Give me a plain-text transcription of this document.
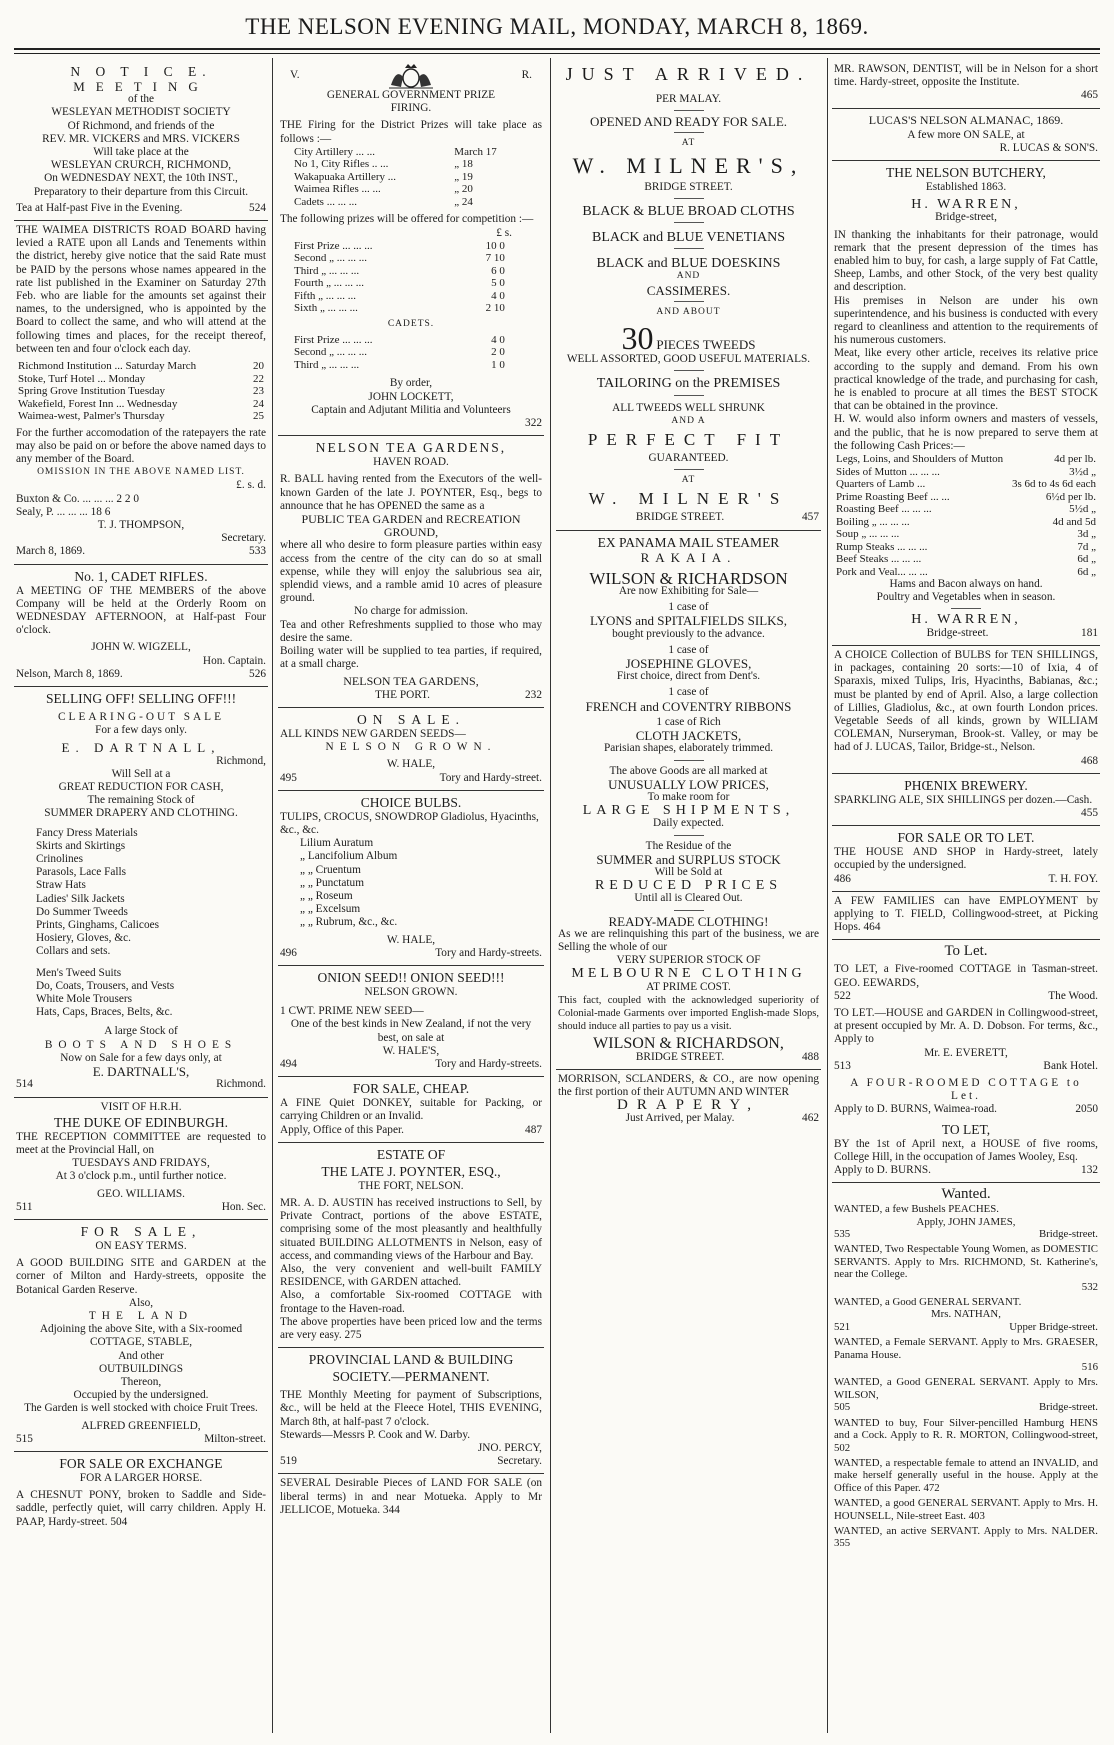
THE NELSON EVENING MAIL, MONDAY, MARCH 8, 1869.
N O T I C E.
MEETING
of the
WESLEYAN METHODIST SOCIETY
Of Richmond, and friends of the
REV. MR. VICKERS and MRS. VICKERS
Will take place at the
WESLEYAN CRURCH, RICHMOND,
On WEDNESDAY NEXT, the 10th INST.,
Preparatory to their departure from this Circuit.
Tea at Half-past Five in the Evening.	524
THE WAIMEA DISTRICTS ROAD BOARD having levied a RATE upon all Lands and Tenements within the district, hereby give notice that the said Rate must be PAID by the persons whose names appeared in the rate list published in the Examiner on Saturday 27th Feb. who are liable for the amounts set against their names, to the undersigned, who is appointed by the Board to collect the same, and who will attend at the following times and places, for the receipt thereof, between ten and four o'clock each day.
Richmond Institution ... Saturday March	20
Stoke, Turf Hotel ... Monday	22
Spring Grove Institution Tuesday	23
Wakefield, Forest Inn ... Wednesday	24
Waimea-west, Palmer's Thursday	25
For the further accomodation of the ratepayers the rate may also be paid on or before the above named days to any member of the Board.
OMISSION IN THE ABOVE NAMED LIST.
£. s. d.
Buxton & Co. ... ... ... 2 2 0
Sealy, P. ... ... ... 18 6
T. J. THOMPSON,
Secretary.
March 8, 1869.	533
No. 1, CADET RIFLES.
A MEETING OF THE MEMBERS of the above Company will be held at the Orderly Room on WEDNESDAY AFTERNOON, at Half-past Four o'clock.
JOHN W. WIGZELL,
Hon. Captain.
Nelson, March 8, 1869.	526
SELLING OFF! SELLING OFF!!!
CLEARING-OUT SALE
For a few days only.
E. DARTNALL,
Richmond,
Will Sell at a
GREAT REDUCTION FOR CASH,
The remaining Stock of
SUMMER DRAPERY AND CLOTHING.
Fancy Dress Materials
Skirts and Skirtings
Crinolines
Parasols, Lace Falls
Straw Hats
Ladies' Silk Jackets
Do Summer Tweeds
Prints, Ginghams, Calicoes
Hosiery, Gloves, &c.
Collars and sets.
Men's Tweed Suits
Do, Coats, Trousers, and Vests
White Mole Trousers
Hats, Caps, Braces, Belts, &c.
A large Stock of
BOOTS AND SHOES
Now on Sale for a few days only, at
E. DARTNALL'S,
514	Richmond.
VISIT OF H.R.H.
THE DUKE OF EDINBURGH.
THE RECEPTION COMMITTEE are requested to meet at the Provincial Hall, on
TUESDAYS AND FRIDAYS,
At 3 o'clock p.m., until further notice.
GEO. WILLIAMS.
511	Hon. Sec.
FOR SALE,
ON EASY TERMS.
A GOOD BUILDING SITE and GARDEN at the corner of Milton and Hardy-streets, opposite the Botanical Garden Reserve.
Also,
THE LAND
Adjoining the above Site, with a Six-roomed
COTTAGE, STABLE,
And other
OUTBUILDINGS
Thereon,
Occupied by the undersigned.
The Garden is well stocked with choice Fruit Trees.
ALFRED GREENFIELD,
515	Milton-street.
FOR SALE OR EXCHANGE
FOR A LARGER HORSE.
A CHESNUT PONY, broken to Saddle and Side-saddle, perfectly quiet, will carry children. Apply H. PAAP, Hardy-street. 504
V.	R.
GENERAL GOVERNMENT PRIZE
FIRING.
THE Firing for the District Prizes will take place as follows :—
City Artillery ... ...	March 17
No 1, City Rifles .. ...	„ 18
Wakapuaka Artillery ...	„ 19
Waimea Rifles ... ...	„ 20
Cadets ... ... ...	„ 24
The following prizes will be offered for competition :—
£ s.
First Prize ... ... ...	10 0
Second „ ... ... ...	7 10
Third „ ... ... ...	6 0
Fourth „ ... ... ...	5 0
Fifth „ ... ... ...	4 0
Sixth „ ... ... ...	2 10
CADETS.
First Prize ... ... ...	4 0
Second „ ... ... ...	2 0
Third „ ... ... ...	1 0
By order,
JOHN LOCKETT,
Captain and Adjutant Militia and Volunteers
322
NELSON TEA GARDENS,
HAVEN ROAD.
R. BALL having rented from the Executors of the well-known Garden of the late J. POYNTER, Esq., begs to announce that he has OPENED the same as a
PUBLIC TEA GARDEN and RECREATION GROUND,
where all who desire to form pleasure parties within easy access from the centre of the city can do so at small expense, while they will enjoy the salubrious sea air, splendid views, and a ramble amid 10 acres of pleasure ground.
No charge for admission.
Tea and other Refreshments supplied to those who may desire the same.
Boiling water will be supplied to tea parties, if required, at a small charge.
NELSON TEA GARDENS,
THE PORT.	232
ON SALE.
ALL KINDS NEW GARDEN SEEDS—
NELSON GROWN.
W. HALE,
495	Tory and Hardy-street.
CHOICE BULBS.
TULIPS, CROCUS, SNOWDROP Gladiolus, Hyacinths, &c., &c.
Lilium Auratum
„ Lancifolium Album
„ „ Cruentum
„ „ Punctatum
„ „ Roseum
„ „ Excelsum
„ „ Rubrum, &c., &c.
W. HALE,
496	Tory and Hardy-streets.
ONION SEED!! ONION SEED!!!
NELSON GROWN.
1 CWT. PRIME NEW SEED—
One of the best kinds in New Zealand, if not the very best, on sale at
W. HALE'S,
494	Tory and Hardy-streets.
FOR SALE, CHEAP.
A FINE Quiet DONKEY, suitable for Packing, or carrying Children or an Invalid.
Apply, Office of this Paper.	487
ESTATE OF
THE LATE J. POYNTER, ESQ.,
THE FORT, NELSON.
MR. A. D. AUSTIN has received instructions to Sell, by Private Contract, portions of the above ESTATE, comprising some of the most pleasantly and healthfully situated BUILDING ALLOTMENTS in Nelson, easy of access, and commanding views of the Harbour and Bay.
Also, the very convenient and well-built FAMILY RESIDENCE, with GARDEN attached.
Also, a comfortable Six-roomed COTTAGE with frontage to the Haven-road.
The above properties have been priced low and the terms are very easy. 275
PROVINCIAL LAND & BUILDING
SOCIETY.—PERMANENT.
THE Monthly Meeting for payment of Subscriptions, &c., will be held at the Fleece Hotel, THIS EVENING, March 8th, at half-past 7 o'clock.
Stewards—Messrs P. Cook and W. Darby.
JNO. PERCY,
519	Secretary.
SEVERAL Desirable Pieces of LAND FOR SALE (on liberal terms) in and near Motueka. Apply to Mr JELLICOE, Motueka. 344
JUST ARRIVED.
PER MALAY.
OPENED AND READY FOR SALE.
AT
W. MILNER'S,
BRIDGE STREET.
BLACK & BLUE BROAD CLOTHS
BLACK and BLUE VENETIANS
BLACK and BLUE DOESKINS
AND
CASSIMERES.
AND ABOUT
30 PIECES TWEEDS
WELL ASSORTED, GOOD USEFUL MATERIALS.
TAILORING on the PREMISES
ALL TWEEDS WELL SHRUNK
AND A
PERFECT FIT
GUARANTEED.
AT
W. MILNER'S
BRIDGE STREET.	457
EX PANAMA MAIL STEAMER
RAKAIA.
WILSON & RICHARDSON
Are now Exhibiting for Sale—
1 case of
LYONS and SPITALFIELDS SILKS,
bought previously to the advance.
1 case of
JOSEPHINE GLOVES,
First choice, direct from Dent's.
1 case of
FRENCH and COVENTRY RIBBONS
1 case of Rich
CLOTH JACKETS,
Parisian shapes, elaborately trimmed.
The above Goods are all marked at
UNUSUALLY LOW PRICES,
To make room for
LARGE SHIPMENTS,
Daily expected.
The Residue of the
SUMMER and SURPLUS STOCK
Will be Sold at
REDUCED PRICES
Until all is Cleared Out.
READY-MADE CLOTHING!
As we are relinquishing this part of the business, we are Selling the whole of our
VERY SUPERIOR STOCK OF
MELBOURNE CLOTHING
AT PRIME COST.
This fact, coupled with the acknowledged superiority of Colonial-made Garments over imported English-made Slops, should induce all parties to pay us a visit.
WILSON & RICHARDSON,
BRIDGE STREET.	488
MORRISON, SCLANDERS, & CO., are now opening the first portion of their AUTUMN AND WINTER
DRAPERY,
Just Arrived, per Malay.	462
MR. RAWSON, DENTIST, will be in Nelson for a short time. Hardy-street, opposite the Institute.
465
LUCAS'S NELSON ALMANAC, 1869.
A few more ON SALE, at
R. LUCAS & SON'S.
THE NELSON BUTCHERY,
Established 1863.
H. WARREN,
Bridge-street,
IN thanking the inhabitants for their patronage, would remark that the present depression of the times has enabled him to buy, for cash, a large supply of Fat Cattle, Sheep, Lambs, and other Stock, of the very best quality and description.
His premises in Nelson are under his own superintendence, and his business is conducted with every regard to cleanliness and attention to the requirements of his numerous customers.
Meat, like every other article, receives its relative price according to the supply and demand. From his own practical knowledge of the trade, and purchasing for cash, he is enabled to procure at all times the BEST STOCK that can be obtained in the province.
H. W. would also inform owners and masters of vessels, and the public, that he is now prepared to serve them at the following Cash Prices:—
Legs, Loins, and Shoulders of Mutton	4d per lb.
Sides of Mutton ... ... ...	3½d „
Quarters of Lamb ...	3s 6d to 4s 6d each
Prime Roasting Beef ... ...	6½d per lb.
Roasting Beef ... ... ...	5½d „
Boiling „ ... ... ...	4d and 5d
Soup „ ... ... ...	3d „
Rump Steaks ... ... ...	7d „
Beef Steaks ... ... ...	6d „
Pork and Veal... ... ...	6d „
Hams and Bacon always on hand.
Poultry and Vegetables when in season.
H. WARREN,
Bridge-street.	181
A CHOICE Collection of BULBS for TEN SHILLINGS, in packages, containing 20 sorts:—10 of Ixia, 4 of Sparaxis, mixed Tulips, Iris, Hyacinths, Babianas, &c.; must be planted by end of April. Also, a large collection of Lillies, Gladiolus, &c., at own fourth London prices. Vegetable Seeds of all kinds, grown by WILLIAM COLEMAN, Nurseryman, Brook-st. Valley, or may be had of J. LUCAS, Tailor, Bridge-st., Nelson.
468
PHŒNIX BREWERY.
SPARKLING ALE, SIX SHILLINGS per dozen.—Cash.
455
FOR SALE OR TO LET.
THE HOUSE AND SHOP in Hardy-street, lately occupied by the undersigned.
486	T. H. FOY.
A FEW FAMILIES can have EMPLOYMENT by applying to T. FIELD, Collingwood-street, at Picking Hops. 464
To Let.
TO LET, a Five-roomed COTTAGE in Tasman-street. GEO. EEWARDS,
522	The Wood.
TO LET.—HOUSE and GARDEN in Collingwood-street, at present occupied by Mr. A. D. Dobson. For terms, &c., Apply to
Mr. E. EVERETT,
513	Bank Hotel.
A FOUR-ROOMED COTTAGE to Let.
Apply to D. BURNS, Waimea-road.	2050
TO LET,
BY the 1st of April next, a HOUSE of five rooms, College Hill, in the occupation of James Wooley, Esq.
Apply to D. BURNS.	132
Wanted.
WANTED, a few Bushels PEACHES.
Apply, JOHN JAMES,
535	Bridge-street.
WANTED, Two Respectable Young Women, as DOMESTIC SERVANTS. Apply to Mrs. RICHMOND, St. Katherine's, near the College.
532
WANTED, a Good GENERAL SERVANT.
Mrs. NATHAN,
521	Upper Bridge-street.
WANTED, a Female SERVANT. Apply to Mrs. GRAESER, Panama House.
516
WANTED, a Good GENERAL SERVANT. Apply to Mrs. WILSON,
505	Bridge-street.
WANTED to buy, Four Silver-pencilled Hamburg HENS and a Cock. Apply to R. R. MORTON, Collingwood-street, 502
WANTED, a respectable female to attend an INVALID, and make herself generally useful in the house. Apply at the Office of this Paper. 472
WANTED, a good GENERAL SERVANT. Apply to Mrs. H. HOUNSELL, Nile-street East. 403
WANTED, an active SERVANT. Apply to Mrs. NALDER. 355
